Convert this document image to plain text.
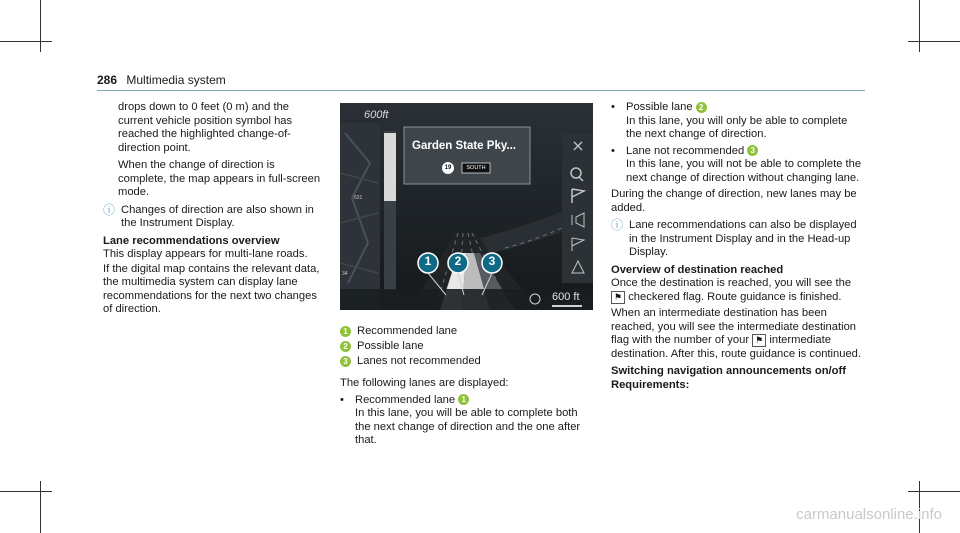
286 Multimedia system

drops down to 0 feet (0 m) and the current vehicle position symbol has reached the highlighted change-of-direction point.

When the change of direction is complete, the map appears in full-screen mode.

ⓘ Changes of direction are also shown in the Instrument Display.
Lane recommendations overview

This display appears for multi-lane roads.

If the digital map contains the relevant data, the multimedia system can display lane recommendations for the next two changes of direction.

×
600ft
Garden State Pky...
19	SOUTH
621
34
1	2	3
600 ft
1 Recommended lane
2 Possible lane
3 Lanes not recommended

The following lanes are displayed:

• Recommended lane 1
In this lane, you will be able to complete both the next change of direction and the one after that.
• Possible lane 2
In this lane, you will only be able to complete the next change of direction.
• Lane not recommended 3
In this lane, you will not be able to complete the next change of direction without changing lane.

During the change of direction, new lanes may be added.

ⓘ Lane recommendations can also be displayed in the Instrument Display and in the Head-up Display.
Overview of destination reached

Once the destination is reached, you will see the ⚑ checkered flag. Route guidance is finished.

When an intermediate destination has been reached, you will see the intermediate destination flag with the number of your ⚑ intermediate destination. After this, route guidance is continued.

Switching navigation announcements on/off
Requirements:
carmanualsonline.info
